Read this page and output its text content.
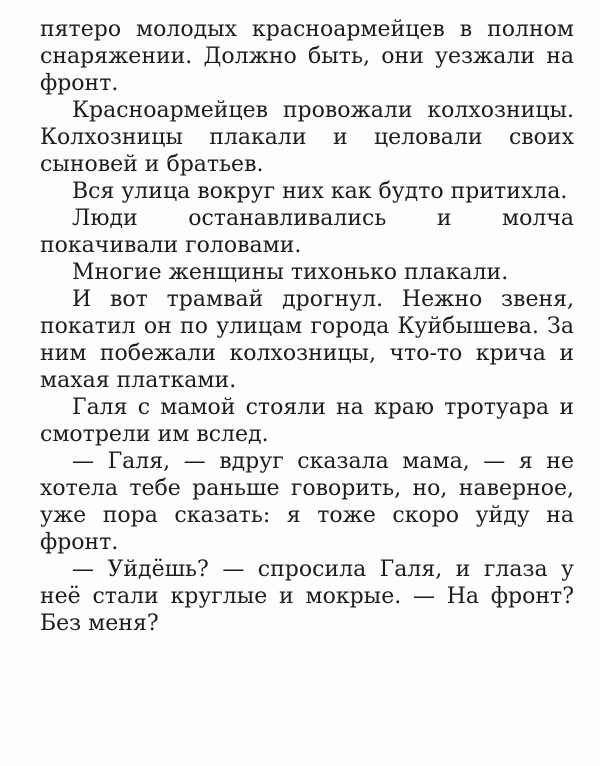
пятеро молодых красноармейцев в полном снаряжении. Должно быть, они уезжали на фронт.

Красноармейцев провожали колхозницы. Колхозницы плакали и целовали своих сыновей и братьев.

Вся улица вокруг них как будто притихла.

Люди останавливались и молча покачивали головами.

Многие женщины тихонько плакали.

И вот трамвай дрогнул. Нежно звеня, покатил он по улицам города Куйбышева. За ним побежали колхозницы, что-то крича и махая платками.

Галя с мамой стояли на краю тротуара и смотрели им вслед.

— Галя, — вдруг сказала мама, — я не хотела тебе раньше говорить, но, наверное, уже пора сказать: я тоже скоро уйду на фронт.

— Уйдёшь? — спросила Галя, и глаза у неё стали круглые и мокрые. — На фронт? Без меня?
